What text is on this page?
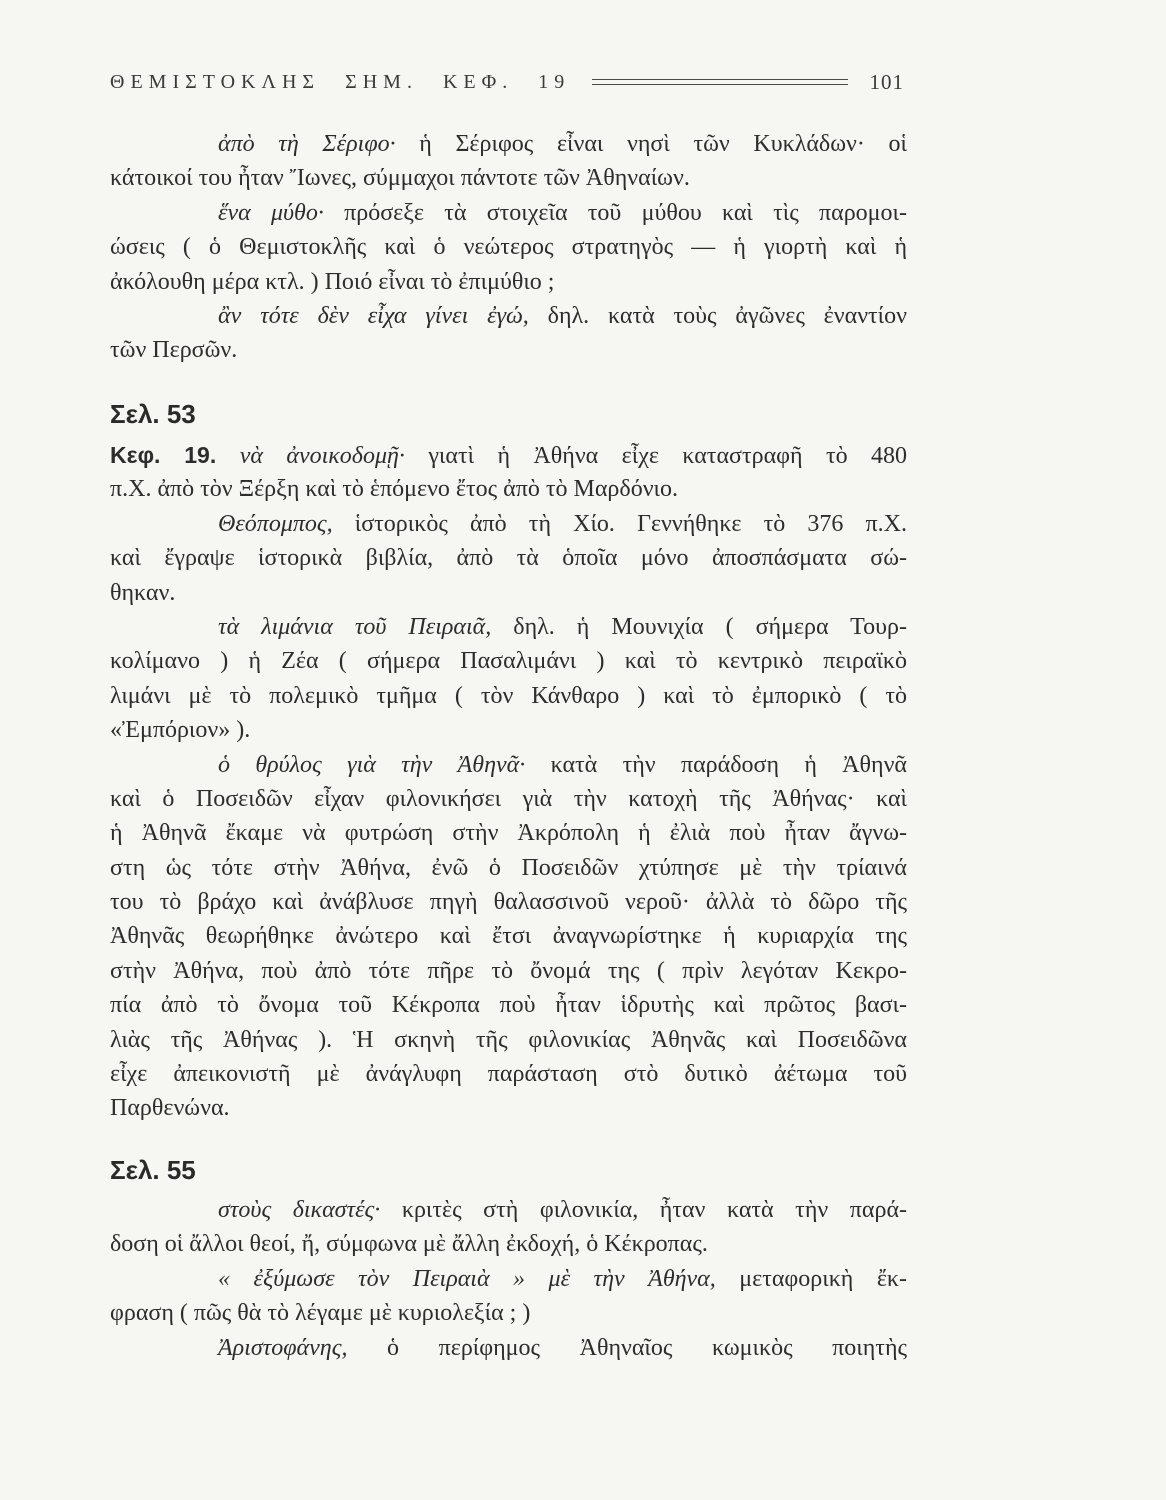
ΘΕΜΙΣΤΟΚΛΗΣ ΣΗΜ. ΚΕΦ. 19	101
ἀπὸ τὴ Σέριφο· ἡ Σέριφος εἶναι νησὶ τῶν Κυκλάδων· οἱ
κάτοικοί του ἦταν Ἴωνες, σύμμαχοι πάντοτε τῶν Ἀθηναίων.
ἕνα μύθο· πρόσεξε τὰ στοιχεῖα τοῦ μύθου καὶ τὶς παρομοι-
ώσεις ( ὁ Θεμιστοκλῆς καὶ ὁ νεώτερος στρατηγὸς — ἡ γιορτὴ καὶ ἡ
ἀκόλουθη μέρα κτλ. ) Ποιό εἶναι τὸ ἐπιμύθιο ;
ἂν τότε δὲν εἶχα γίνει ἐγώ, δηλ. κατὰ τοὺς ἀγῶνες ἐναντίον
τῶν Περσῶν.
Σελ. 53
Κεφ. 19. νὰ ἀνοικοδομῇ· γιατὶ ἡ Ἀθήνα εἶχε καταστραφῆ τὸ 480
π.Χ. ἀπὸ τὸν Ξέρξη καὶ τὸ ἑπόμενο ἔτος ἀπὸ τὸ Μαρδόνιο.
Θεόπομπος, ἱστορικὸς ἀπὸ τὴ Χίο. Γεννήθηκε τὸ 376 π.Χ.
καὶ ἔγραψε ἱστορικὰ βιβλία, ἀπὸ τὰ ὁποῖα μόνο ἀποσπάσματα σώ-
θηκαν.
τὰ λιμάνια τοῦ Πειραιᾶ, δηλ. ἡ Μουνιχία ( σήμερα Τουρ-
κολίμανο ) ἡ Ζέα ( σήμερα Πασαλιμάνι ) καὶ τὸ κεντρικὸ πειραϊκὸ
λιμάνι μὲ τὸ πολεμικὸ τμῆμα ( τὸν Κάνθαρο ) καὶ τὸ ἐμπορικὸ ( τὸ
«Ἐμπόριον» ).
ὁ θρύλος γιὰ τὴν Ἀθηνᾶ· κατὰ τὴν παράδοση ἡ Ἀθηνᾶ
καὶ ὁ Ποσειδῶν εἶχαν φιλονικήσει γιὰ τὴν κατοχὴ τῆς Ἀθήνας· καὶ
ἡ Ἀθηνᾶ ἔκαμε νὰ φυτρώση στὴν Ἀκρόπολη ἡ ἐλιὰ ποὺ ἦταν ἄγνω-
στη ὡς τότε στὴν Ἀθήνα, ἐνῶ ὁ Ποσειδῶν χτύπησε μὲ τὴν τρίαινά
του τὸ βράχο καὶ ἀνάβλυσε πηγὴ θαλασσινοῦ νεροῦ· ἀλλὰ τὸ δῶρο τῆς
Ἀθηνᾶς θεωρήθηκε ἀνώτερο καὶ ἔτσι ἀναγνωρίστηκε ἡ κυριαρχία της
στὴν Ἀθήνα, ποὺ ἀπὸ τότε πῆρε τὸ ὄνομά της ( πρὶν λεγόταν Κεκρο-
πία ἀπὸ τὸ ὄνομα τοῦ Κέκροπα ποὺ ἦταν ἱδρυτὴς καὶ πρῶτος βασι-
λιὰς τῆς Ἀθήνας ). Ἡ σκηνὴ τῆς φιλονικίας Ἀθηνᾶς καὶ Ποσειδῶνα
εἶχε ἀπεικονιστῆ μὲ ἀνάγλυφη παράσταση στὸ δυτικὸ ἀέτωμα τοῦ
Παρθενώνα.
Σελ. 55
στοὺς δικαστές· κριτὲς στὴ φιλονικία, ἦταν κατὰ τὴν παρά-
δοση οἱ ἄλλοι θεοί, ἤ, σύμφωνα μὲ ἄλλη ἐκδοχή, ὁ Κέκροπας.
« ἐξύμωσε τὸν Πειραιὰ » μὲ τὴν Ἀθήνα, μεταφορικὴ ἔκ-
φραση ( πῶς θὰ τὸ λέγαμε μὲ κυριολεξία ; )
Ἀριστοφάνης, ὁ περίφημος Ἀθηναῖος κωμικὸς ποιητὴς
